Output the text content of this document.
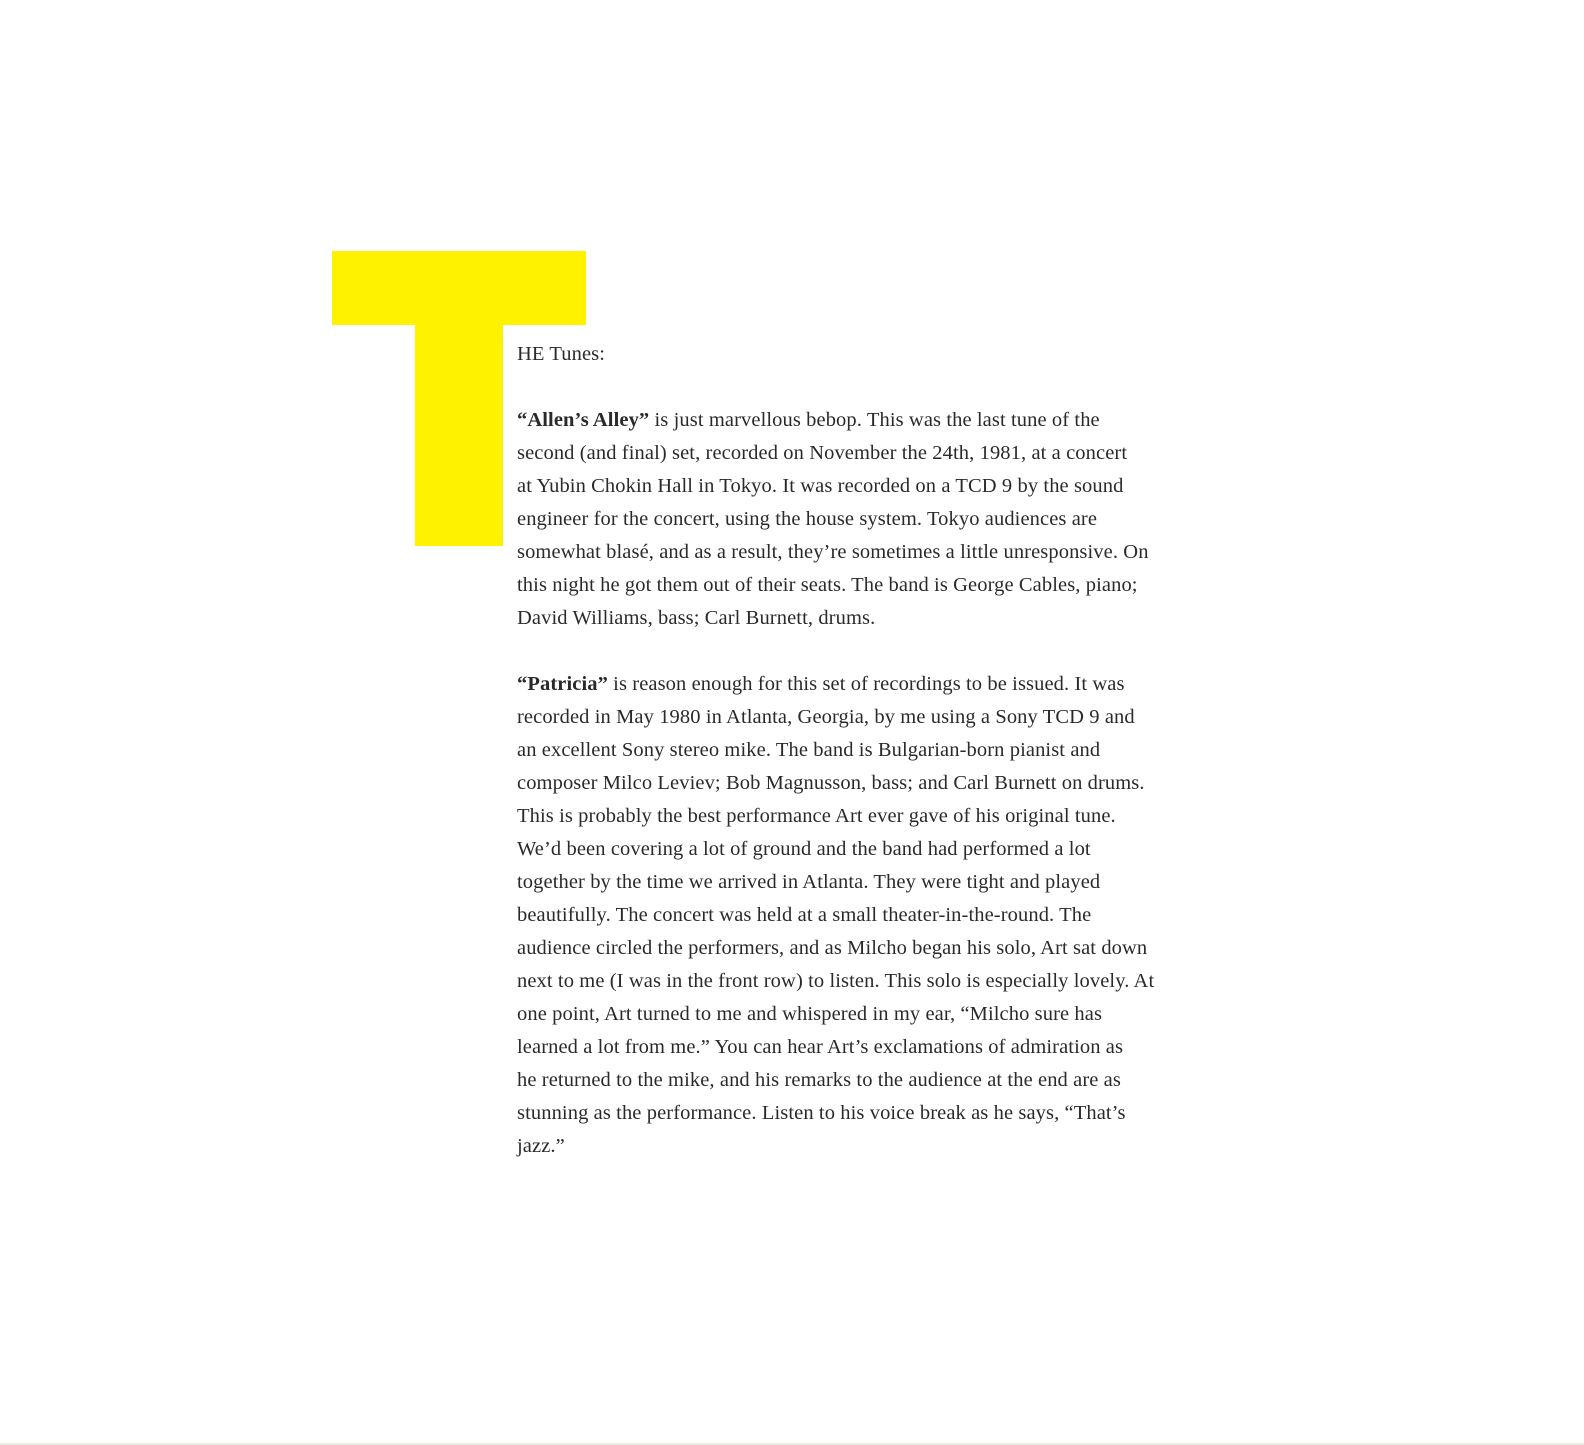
HE Tunes:

“Allen’s Alley” is just marvellous bebop. This was the last tune of the
second (and final) set, recorded on November the 24th, 1981, at a concert
at Yubin Chokin Hall in Tokyo. It was recorded on a TCD 9 by the sound
engineer for the concert, using the house system. Tokyo audiences are
somewhat blasé, and as a result, they’re sometimes a little unresponsive. On
this night he got them out of their seats. The band is George Cables, piano;
David Williams, bass; Carl Burnett, drums.

“Patricia” is reason enough for this set of recordings to be issued. It was
recorded in May 1980 in Atlanta, Georgia, by me using a Sony TCD 9 and
an excellent Sony stereo mike. The band is Bulgarian-born pianist and
composer Milco Leviev; Bob Magnusson, bass; and Carl Burnett on drums.
This is probably the best performance Art ever gave of his original tune.
We’d been covering a lot of ground and the band had performed a lot
together by the time we arrived in Atlanta. They were tight and played
beautifully. The concert was held at a small theater-in-the-round. The
audience circled the performers, and as Milcho began his solo, Art sat down
next to me (I was in the front row) to listen. This solo is especially lovely. At
one point, Art turned to me and whispered in my ear, “Milcho sure has
learned a lot from me.” You can hear Art’s exclamations of admiration as
he returned to the mike, and his remarks to the audience at the end are as
stunning as the performance. Listen to his voice break as he says, “That’s
jazz.”
